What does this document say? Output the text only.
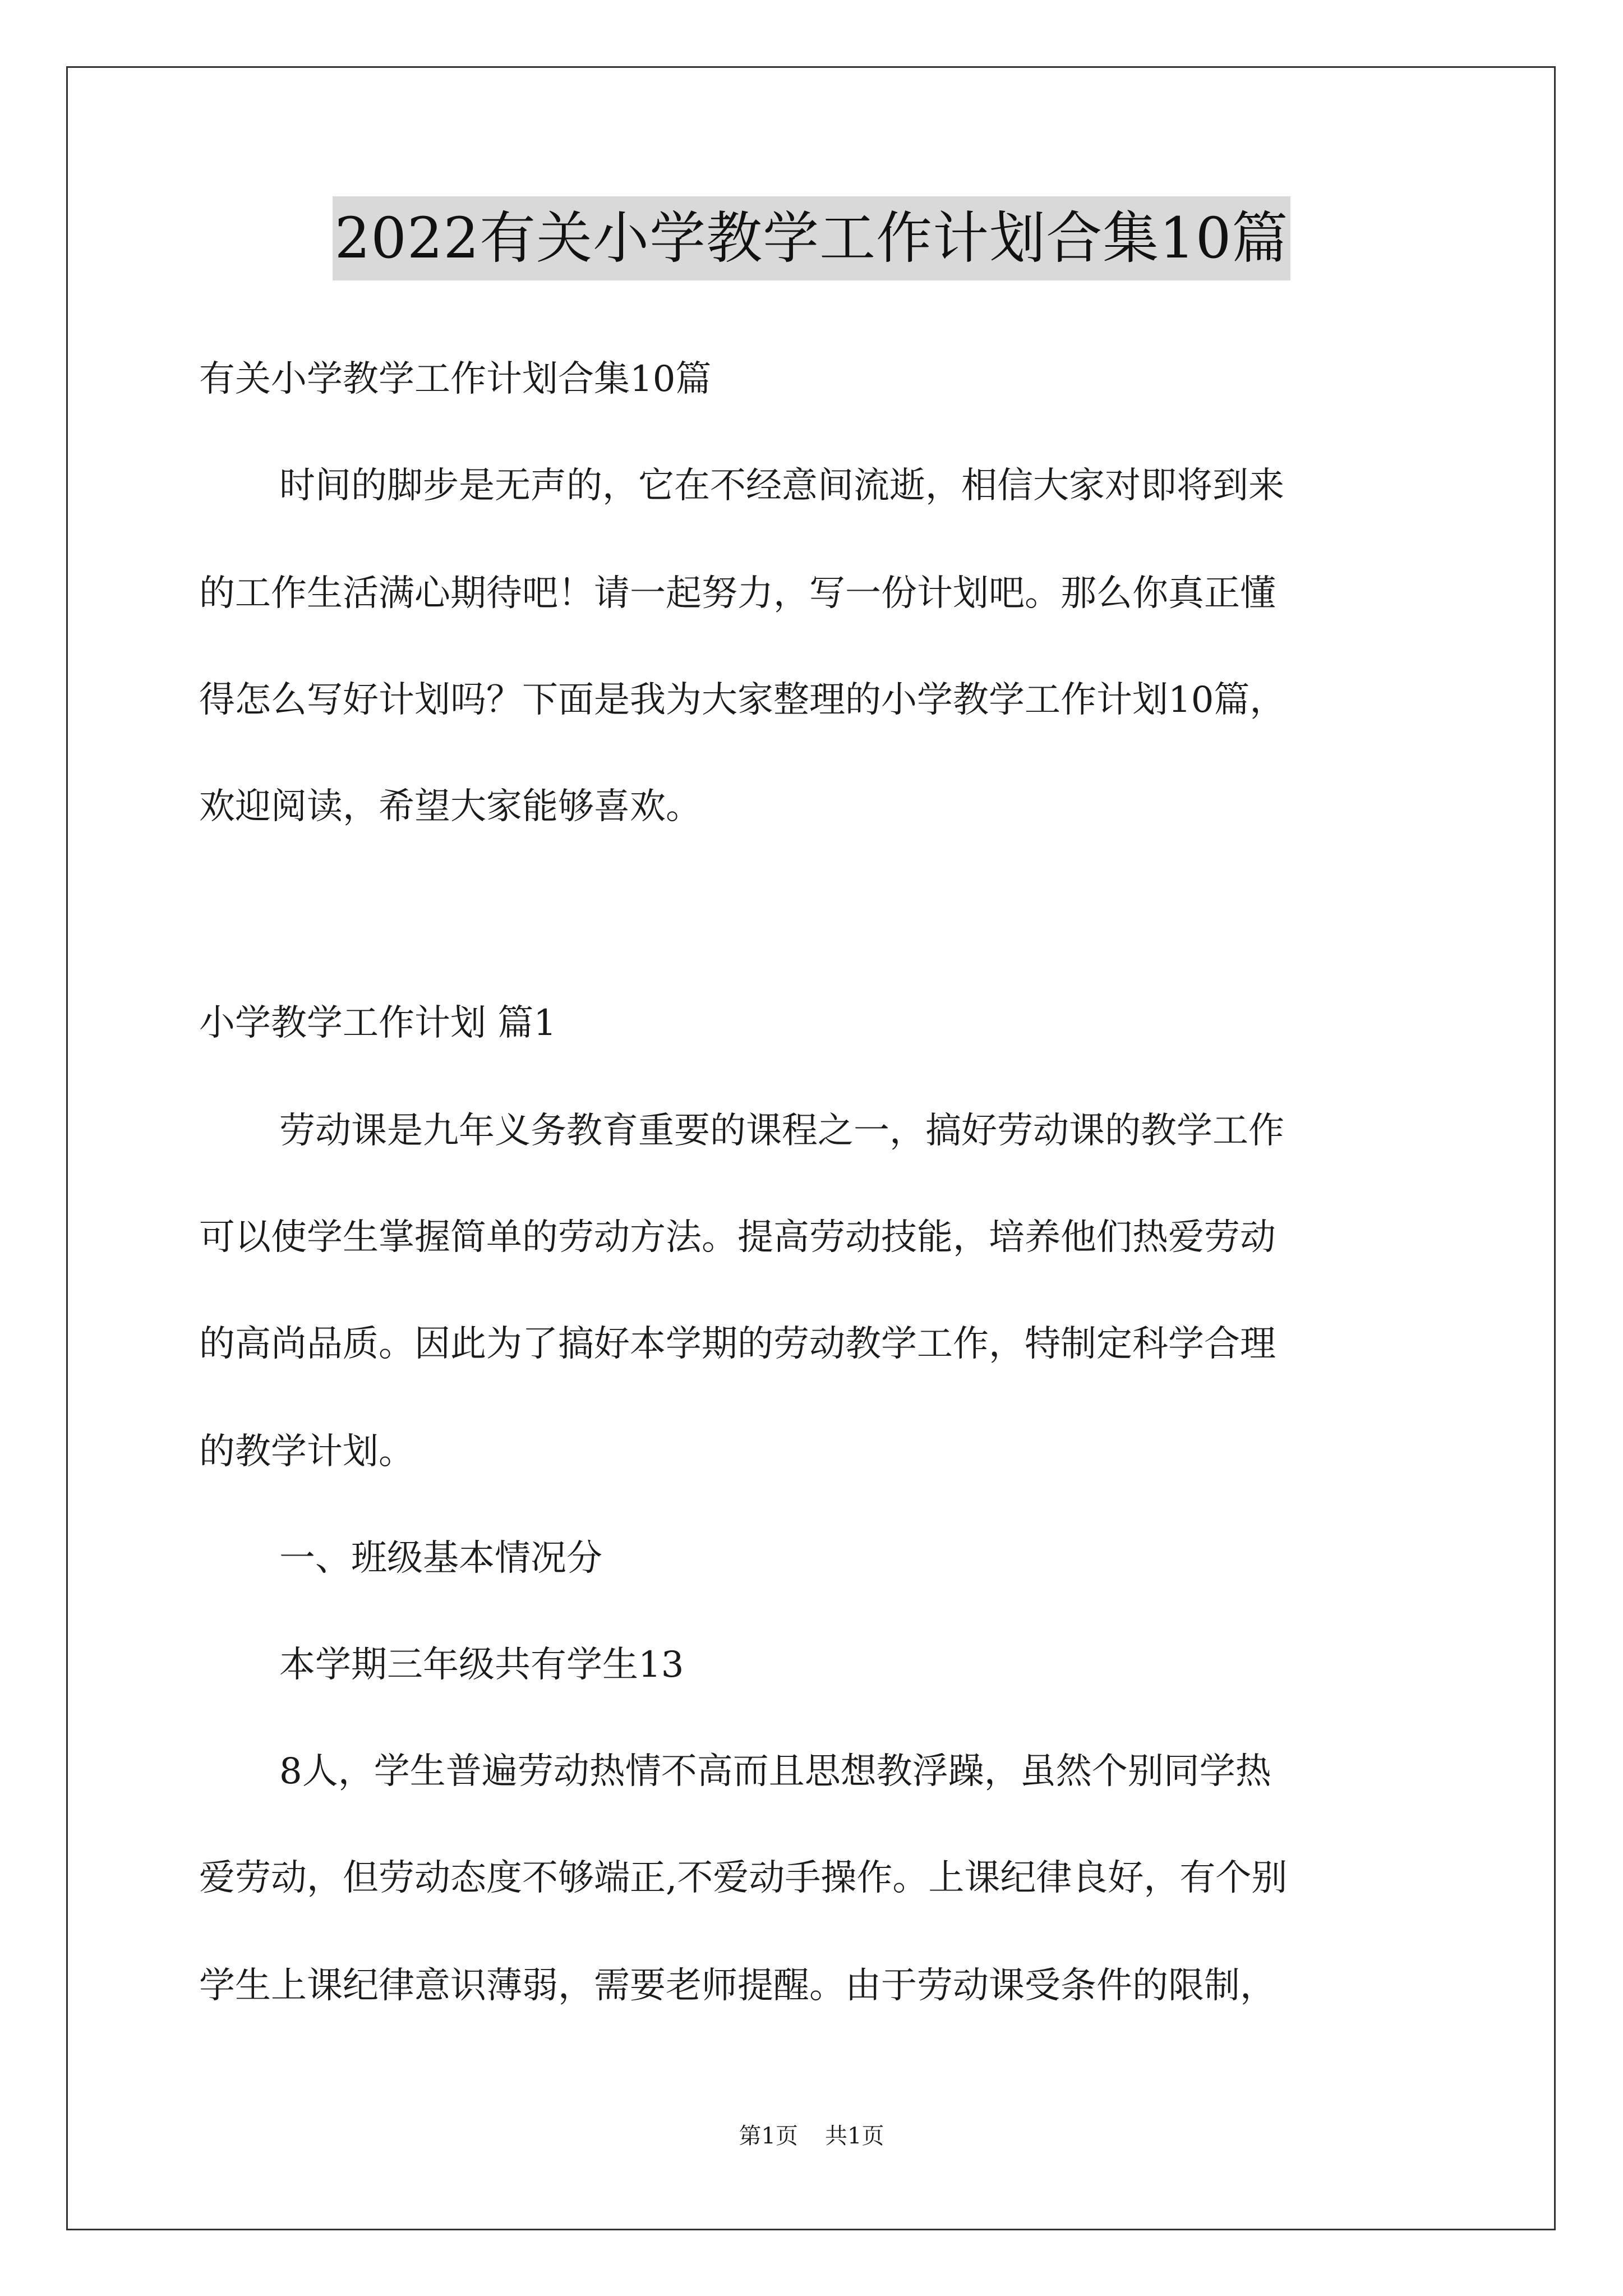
2022有关小学教学工作计划合集10篇
有关小学教学工作计划合集10篇
时间的脚步是无声的，它在不经意间流逝，相信大家对即将到来
的工作生活满心期待吧！请一起努力，写一份计划吧。那么你真正懂
得怎么写好计划吗？下面是我为大家整理的小学教学工作计划10篇，
欢迎阅读，希望大家能够喜欢。
小学教学工作计划 篇1
劳动课是九年义务教育重要的课程之一，搞好劳动课的教学工作
可以使学生掌握简单的劳动方法。提高劳动技能，培养他们热爱劳动
的高尚品质。因此为了搞好本学期的劳动教学工作，特制定科学合理
的教学计划。
一、班级基本情况分
本学期三年级共有学生13
8人，学生普遍劳动热情不高而且思想教浮躁，虽然个别同学热
爱劳动，但劳动态度不够端正,不爱动手操作。上课纪律良好，有个别
学生上课纪律意识薄弱，需要老师提醒。由于劳动课受条件的限制，
第1页 共1页
